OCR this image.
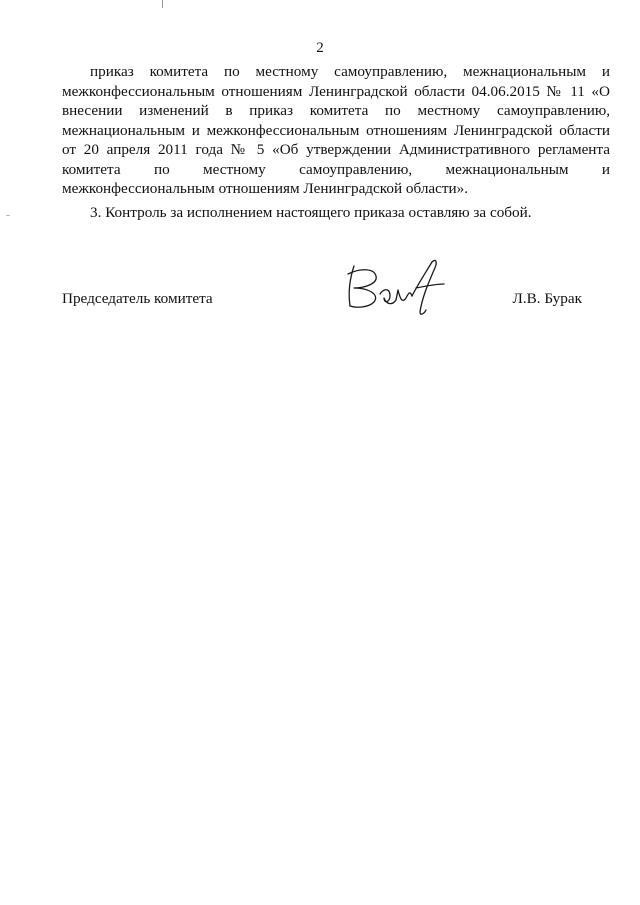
2

приказ комитета по местному самоуправлению, межнациональным и межконфессиональным отношениям Ленинградской области 04.06.2015 № 11 «О внесении изменений в приказ комитета по местному самоуправлению, межнациональным и межконфессиональным отношениям Ленинградской области от 20 апреля 2011 года № 5 «Об утверждении Административного регламента комитета по местному самоуправлению, межнациональным и межконфессиональным отношениям Ленинградской области».

3. Контроль за исполнением настоящего приказа оставляю за собой.

Председатель комитета	Л.В. Бурак
